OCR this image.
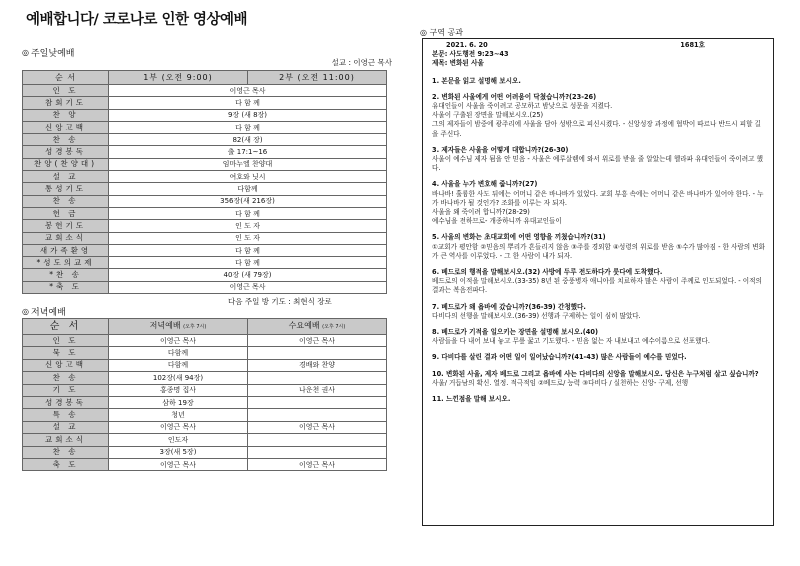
예배합니다/ 코로나로 인한 영상예배
◎ 주일낮예배
설교 : 이영근 목사
순 서	1부 (오전 9:00)	2부 (오전 11:00)
인 도	이영근 목사	
참회기도	다 함 께	
찬 양	9장 (새 8장)	
신앙고백	다 함 께	
찬 송	82(새 장)	
성경봉독	출 17:1~16	
찬양(찬양대)	임마누엘 찬양대	
설 교	여호와 닛시	
통성기도	다함께	
찬 송	356장(새 216장)	
헌 금	다 함 께	
봉헌기도	인 도 자	
교회소식	인 도 자	
새가족환영	다 함 께	
*성도의교제	다 함 께	
*찬 송	40장 (새 79장)	
*축 도	이영근 목사	
다음 주일 방 기도 : 최현식 장로
◎ 저녁예배
순 서	저녁예배 (오후 7시)	수요예배 (오후 7시)
인 도	이영근 목사	이영근 목사
묵 도	다함께	
신앙고백	다함께	경배와 찬양
찬 송	102장(새 94장)	
기 도	홍종명 집사	나운천 권사
성경봉독	삼하 19장	
특 송	청년	
설 교	이영근 목사	이영근 목사
교회소식	인도자	
찬 송	3장(새 5장)	
축 도	이영근 목사	이영근 목사
◎ 구역 공과
2021. 6. 20	1681호

본문: 사도행전 9:23~43

제목: 변화된 사울

1. 본문을 읽고 설명해 보시오.

2. 변화된 사울에게 어떤 어려움이 닥쳤습니까?(23-26)

유대인들이 사울을 죽이려고 공모하고 밤낮으로 성문을 지켰다.

사울이 구출된 장면을 말해보시오.(25)

그의 제자들이 밤중에 광주리에 사울을 담아 성밖으로 피신시켰다. - 신앙성장 과정에 협박이 따르나 반드시 피할 길을 주신다.

3. 제자들은 사울을 어떻게 대합니까?(26-30)

사울이 예수님 제자 됨을 안 믿음 - 사울은 예루살렘에 와서 위로를 받을 줄 알았는데 헬라파 유대인들이 죽이려고 했다.

4. 사울을 누가 변호해 줍니까?(27)

바나바! 훌륭한 사도 뒤에는 어머니 같은 바나바가 있었다. 교회 부흥 속에는 어머니 같은 바나바가 있어야 한다. - 누가 바나바가 될 것인가? 조화를 이루는 자 되자.

사울을 왜 죽이려 합니까?(28-29)

예수님을 전하므로- 개종하니까 유대교인들이

5. 사울의 변화는 초대교회에 어떤 영향을 끼쳤습니까?(31)

①교회가 평안함 ②믿음의 뿌리가 흔들리지 않음 ③주를 경외함 ④성령의 위로를 받음 ⑤수가 많아짐 - 한 사람의 변화가 큰 역사를 이루었다. - 그 한 사람이 내가 되자.

6. 베드로의 행적을 말해보시오.(32) 사방에 두루 전도하다가 룻다에 도착했다.

베드로의 이적을 말해보시오.(33-35) 8년 된 중풍병자 애니아를 치료하자 많은 사람이 주께로 인도되었다. - 이적의 결과는 복음전파다.

7. 베드로가 왜 욥바에 갔습니까?(36-39) 간청했다.

다비다의 선행을 말해보시오.(36-39) 선행과 구제하는 일이 심히 많았다.

8. 베드로가 기적을 일으키는 장면을 설명해 보시오.(40)

사람들을 다 내어 보내 놓고 무릎 꿇고 기도했다. - 믿음 없는 자 내보내고 예수이름으로 선포했다.

9. 다비다를 살린 결과 어떤 일이 일어났습니까?(41-43) 많은 사람들이 예수를 믿었다.

10. 변화된 사울, 제자 베드로 그리고 욥바에 사는 다비다의 신앙을 말해보시오. 당신은 누구처럼 살고 싶습니까?

사울/ 거듭남의 확신. 열정. 적극적임 ②베드로/ 능력 ③다비다 / 실천하는 신앙- 구제, 선행

11. 느낀점을 말해 보시오.
